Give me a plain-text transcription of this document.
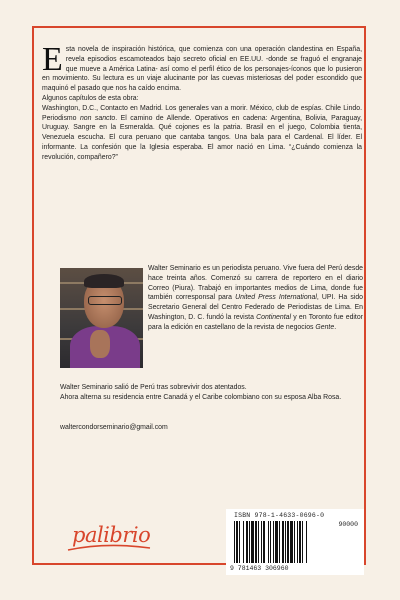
E sta novela de inspiración histórica, que comienza con una operación clandestina en España, revela episodios escamoteados bajo secreto oficial en EE.UU. -donde se fraguó el engranaje que mueve a América Latina- así como el perfil ético de los personajes-íconos que lo pusieron en movimiento. Su lectura es un viaje alucinante por las cuevas misteriosas del poder escondido que maquinó el pasado que nos ha caído encima.

Algunos capítulos de esta obra:
Washington, D.C., Contacto en Madrid. Los generales van a morir. México, club de espías. Chile Lindo. Periodismo non sancto. El camino de Allende. Operativos en cadena: Argentina, Bolivia, Paraguay, Uruguay. Sangre en la Esmeralda. Qué cojones es la patria. Brasil en el juego, Colombia tienta, Venezuela escucha. El cura peruano que cantaba tangos. Una bala para el Cardenal. El líder. El informante. La confesión que la Iglesia esperaba. El amor nació en Lima. “¿Cuándo comienza la revolución, compañero?”

Walter Seminario es un periodista peruano. Vive fuera del Perú desde hace treinta años. Comenzó su carrera de reportero en el diario Correo (Piura). Trabajó en importantes medios de Lima, donde fue también corresponsal para United Press International, UPI. Ha sido Secretario General del Centro Federado de Periodistas de Lima. En Washington, D. C. fundó la revista Continental y en Toronto fue editor para la edición en castellano de la revista de negocios Gente.

Walter Seminario salió de Perú tras sobrevivir dos atentados.

Ahora alterna su residencia entre Canadá y el Caribe colombiano con su esposa Alba Rosa.

waltercondorseminario@gmail.com
palibrio
ISBN 978-1-4633-0696-0
90000
9 781463 306960
